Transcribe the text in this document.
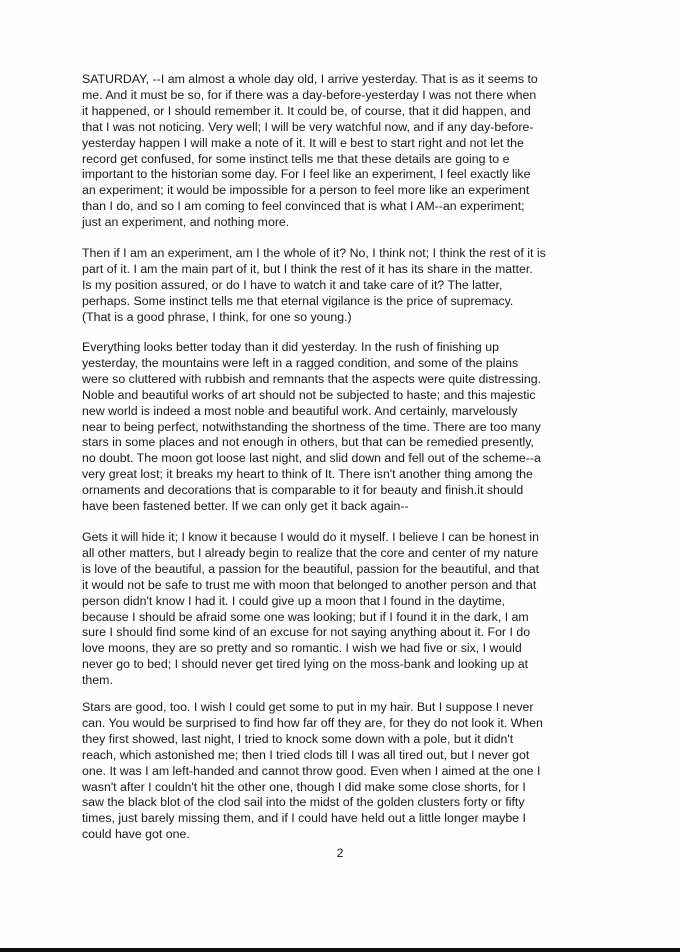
SATURDAY, --I am almost a whole day old, I arrive yesterday. That is as it seems to
me. And it must be so, for if there was a day-before-yesterday I was not there when
it happened, or I should remember it. It could be, of course, that it did happen, and
that I was not noticing. Very well; I will be very watchful now, and if any day-before-
yesterday happen I will make a note of it. It will e best to start right and not let the
record get confused, for some instinct tells me that these details are going to e
important to the historian some day. For I feel like an experiment, I feel exactly like
an experiment; it would be impossible for a person to feel more like an experiment
than I do, and so I am coming to feel convinced that is what I AM--an experiment;
just an experiment, and nothing more.

Then if I am an experiment, am I the whole of it? No, I think not; I think the rest of it is
part of it. I am the main part of it, but I think the rest of it has its share in the matter.
Is my position assured, or do I have to watch it and take care of it? The latter,
perhaps. Some instinct tells me that eternal vigilance is the price of supremacy.
(That is a good phrase, I think, for one so young.)

Everything looks better today than it did yesterday. In the rush of finishing up
yesterday, the mountains were left in a ragged condition, and some of the plains
were so cluttered with rubbish and remnants that the aspects were quite distressing.
Noble and beautiful works of art should not be subjected to haste; and this majestic
new world is indeed a most noble and beautiful work. And certainly, marvelously
near to being perfect, notwithstanding the shortness of the time. There are too many
stars in some places and not enough in others, but that can be remedied presently,
no doubt. The moon got loose last night, and slid down and fell out of the scheme--a
very great lost; it breaks my heart to think of It. There isn't another thing among the
ornaments and decorations that is comparable to it for beauty and finish.it should
have been fastened better. If we can only get it back again--

Gets it will hide it; I know it because I would do it myself. I believe I can be honest in
all other matters, but I already begin to realize that the core and center of my nature
is love of the beautiful, a passion for the beautiful, passion for the beautiful, and that
it would not be safe to trust me with moon that belonged to another person and that
person didn't know I had it. I could give up a moon that I found in the daytime,
because I should be afraid some one was looking; but if I found it in the dark, I am
sure I should find some kind of an excuse for not saying anything about it. For I do
love moons, they are so pretty and so romantic. I wish we had five or six, I would
never go to bed; I should never get tired lying on the moss-bank and looking up at
them.

Stars are good, too. I wish I could get some to put in my hair. But I suppose I never
can. You would be surprised to find how far off they are, for they do not look it. When
they first showed, last night, I tried to knock some down with a pole, but it didn't
reach, which astonished me; then I tried clods till I was all tired out, but I never got
one. It was I am left-handed and cannot throw good. Even when I aimed at the one I
wasn't after I couldn't hit the other one, though I did make some close shorts, for I
saw the black blot of the clod sail into the midst of the golden clusters forty or fifty
times, just barely missing them, and if I could have held out a little longer maybe I
could have got one.

2
